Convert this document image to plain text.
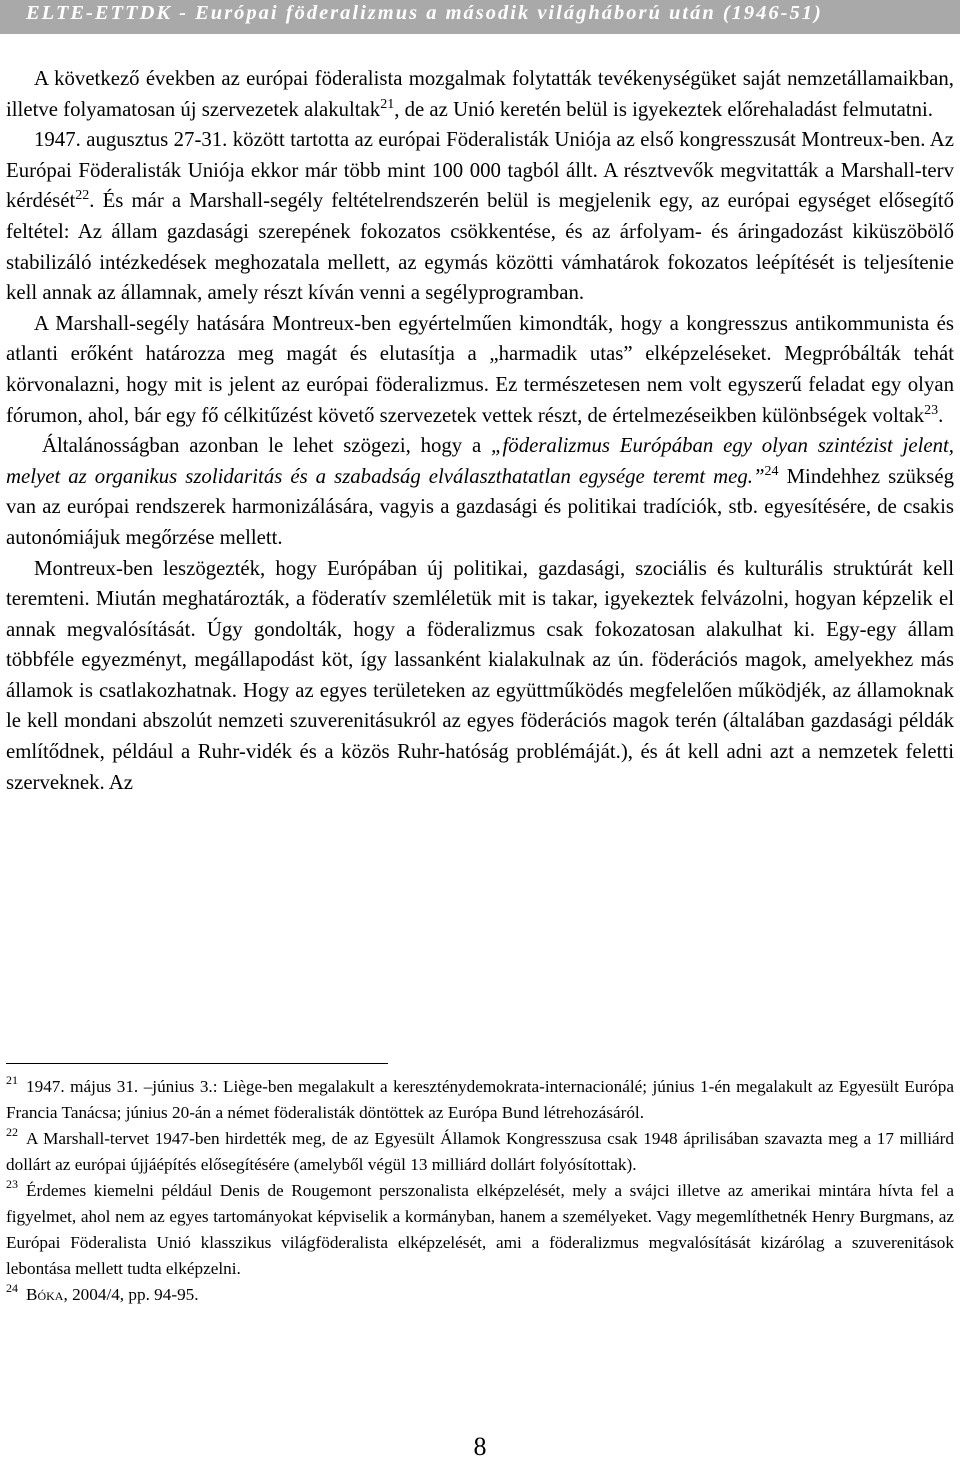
ELTE-ETTDK - Európai föderalizmus a második világháború után (1946-51)

A következő években az európai föderalista mozgalmak folytatták tevékenységüket saját nemzetállamaikban, illetve folyamatosan új szervezetek alakultak$^{21}$, de az Unió keretén belül is igyekeztek előrehaladást felmutatni.

1947. augusztus 27-31. között tartotta az európai Föderalisták Uniója az első kongresszusát Montreux-ben. Az Európai Föderalisták Uniója ekkor már több mint 100 000 tagból állt. A résztvevők megvitatták a Marshall-terv kérdését$^{22}$. És már a Marshall-segély feltételrendszerén belül is megjelenik egy, az európai egységet elősegítő feltétel: Az állam gazdasági szerepének fokozatos csökkentése, és az árfolyam- és áringadozást kiküszöbölő stabilizáló intézkedések meghozatala mellett, az egymás közötti vámhatárok fokozatos leépítését is teljesítenie kell annak az államnak, amely részt kíván venni a segélyprogramban.

A Marshall-segély hatására Montreux-ben egyértelműen kimondták, hogy a kongresszus antikommunista és atlanti erőként határozza meg magát és elutasítja a „harmadik utas” elképzeléseket. Megpróbálták tehát körvonalazni, hogy mit is jelent az európai föderalizmus. Ez természetesen nem volt egyszerű feladat egy olyan fórumon, ahol, bár egy fő célkitűzést követő szervezetek vettek részt, de értelmezéseikben különbségek voltak$^{23}$.

Általánosságban azonban le lehet szögezi, hogy a „föderalizmus Európában egy olyan szintézist jelent, melyet az organikus szolidaritás és a szabadság elválaszthatatlan egysége teremt meg.”$^{24}$ Mindehhez szükség van az európai rendszerek harmonizálására, vagyis a gazdasági és politikai tradíciók, stb. egyesítésére, de csakis autonómiájuk megőrzése mellett.

Montreux-ben leszögezték, hogy Európában új politikai, gazdasági, szociális és kulturális struktúrát kell teremteni. Miután meghatározták, a föderatív szemléletük mit is takar, igyekeztek felvázolni, hogyan képzelik el annak megvalósítását. Úgy gondolták, hogy a föderalizmus csak fokozatosan alakulhat ki. Egy-egy állam többféle egyezményt, megállapodást köt, így lassanként kialakulnak az ún. föderációs magok, amelyekhez más államok is csatlakozhatnak. Hogy az egyes területeken az együttműködés megfelelően működjék, az államoknak le kell mondani abszolút nemzeti szuverenitásukról az egyes föderációs magok terén (általában gazdasági példák említődnek, például a Ruhr-vidék és a közös Ruhr-hatóság problémáját.), és át kell adni azt a nemzetek feletti szerveknek. Az

$^{21}$ 1947. május 31. –június 3.: Liège-ben megalakult a kereszténydemokrata-internacionálé; június 1-én megalakult az Egyesült Európa Francia Tanácsa; június 20-án a német föderalisták döntöttek az Európa Bund létrehozásáról.

$^{22}$ A Marshall-tervet 1947-ben hirdették meg, de az Egyesült Államok Kongresszusa csak 1948 áprilisában szavazta meg a 17 milliárd dollárt az európai újjáépítés elősegítésére (amelyből végül 13 milliárd dollárt folyósítottak).

$^{23}$ Érdemes kiemelni például Denis de Rougemont perszonalista elképzelését, mely a svájci illetve az amerikai mintára hívta fel a figyelmet, ahol nem az egyes tartományokat képviselik a kormányban, hanem a személyeket. Vagy megemlíthetnék Henry Burgmans, az Európai Föderalista Unió klasszikus világföderalista elképzelését, ami a föderalizmus megvalósítását kizárólag a szuverenitások lebontása mellett tudta elképzelni.

$^{24}$ Bóka, 2004/4, pp. 94-95.

8
